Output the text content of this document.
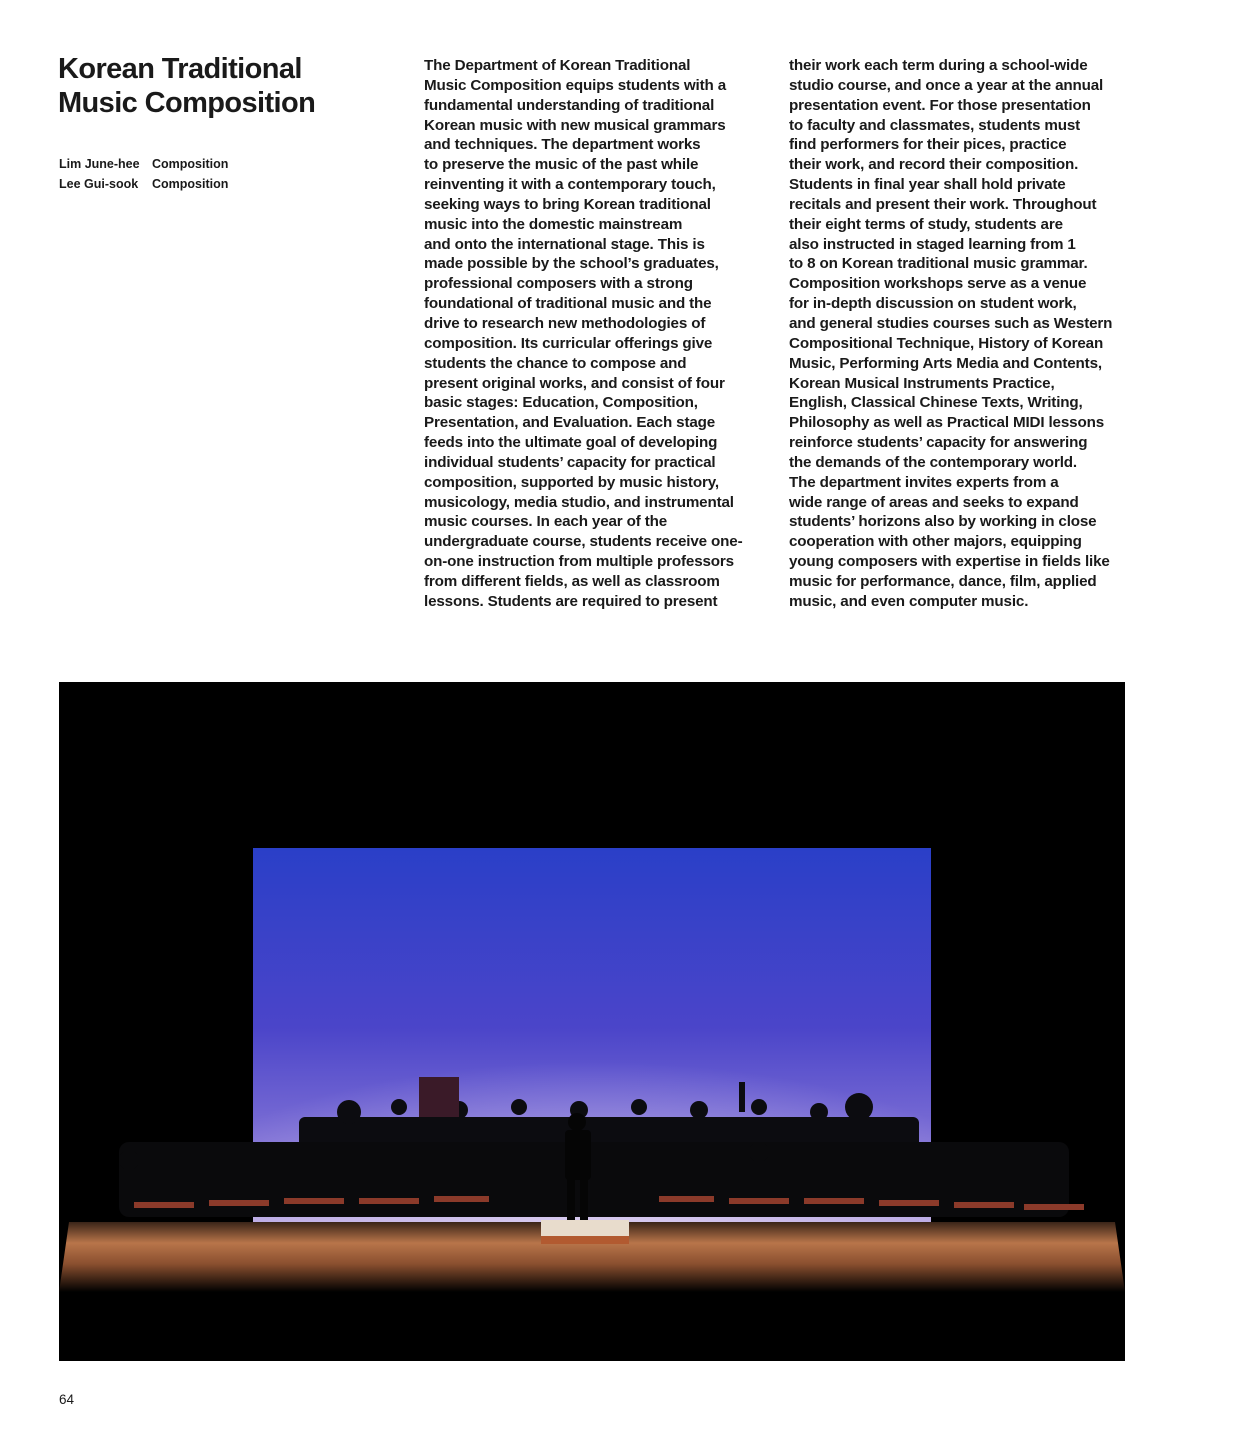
Korean Traditional
Music Composition
Lim June-hee Composition
Lee Gui-sook	Composition
The Department of Korean Traditional
Music Composition equips students with a
fundamental understanding of traditional
Korean music with new musical grammars
and techniques. The department works
to preserve the music of the past while
reinventing it with a contemporary touch,
seeking ways to bring Korean traditional
music into the domestic mainstream
and onto the international stage. This is
made possible by the school’s graduates,
professional composers with a strong
foundational of traditional music and the
drive to research new methodologies of
composition. Its curricular offerings give
students the chance to compose and
present original works, and consist of four
basic stages: Education, Composition,
Presentation, and Evaluation. Each stage
feeds into the ultimate goal of developing
individual students’ capacity for practical
composition, supported by music history,
musicology, media studio, and instrumental
music courses. In each year of the
undergraduate course, students receive one-
on-one instruction from multiple professors
from different fields, as well as classroom
lessons. Students are required to present
their work each term during a school-wide
studio course, and once a year at the annual
presentation event. For those presentation
to faculty and classmates, students must
find performers for their pices, practice
their work, and record their composition.
Students in final year shall hold private
recitals and present their work. Throughout
their eight terms of study, students are
also instructed in staged learning from 1
to 8 on Korean traditional music grammar.
Composition workshops serve as a venue
for in-depth discussion on student work,
and general studies courses such as Western
Compositional Technique, History of Korean
Music, Performing Arts Media and Contents,
Korean Musical Instruments Practice,
English, Classical Chinese Texts, Writing,
Philosophy as well as Practical MIDI lessons
reinforce students’ capacity for answering
the demands of the contemporary world.
The department invites experts from a
wide range of areas and seeks to expand
students’ horizons also by working in close
cooperation with other majors, equipping
young composers with expertise in fields like
music for performance, dance, film, applied
music, and even computer music.
64
